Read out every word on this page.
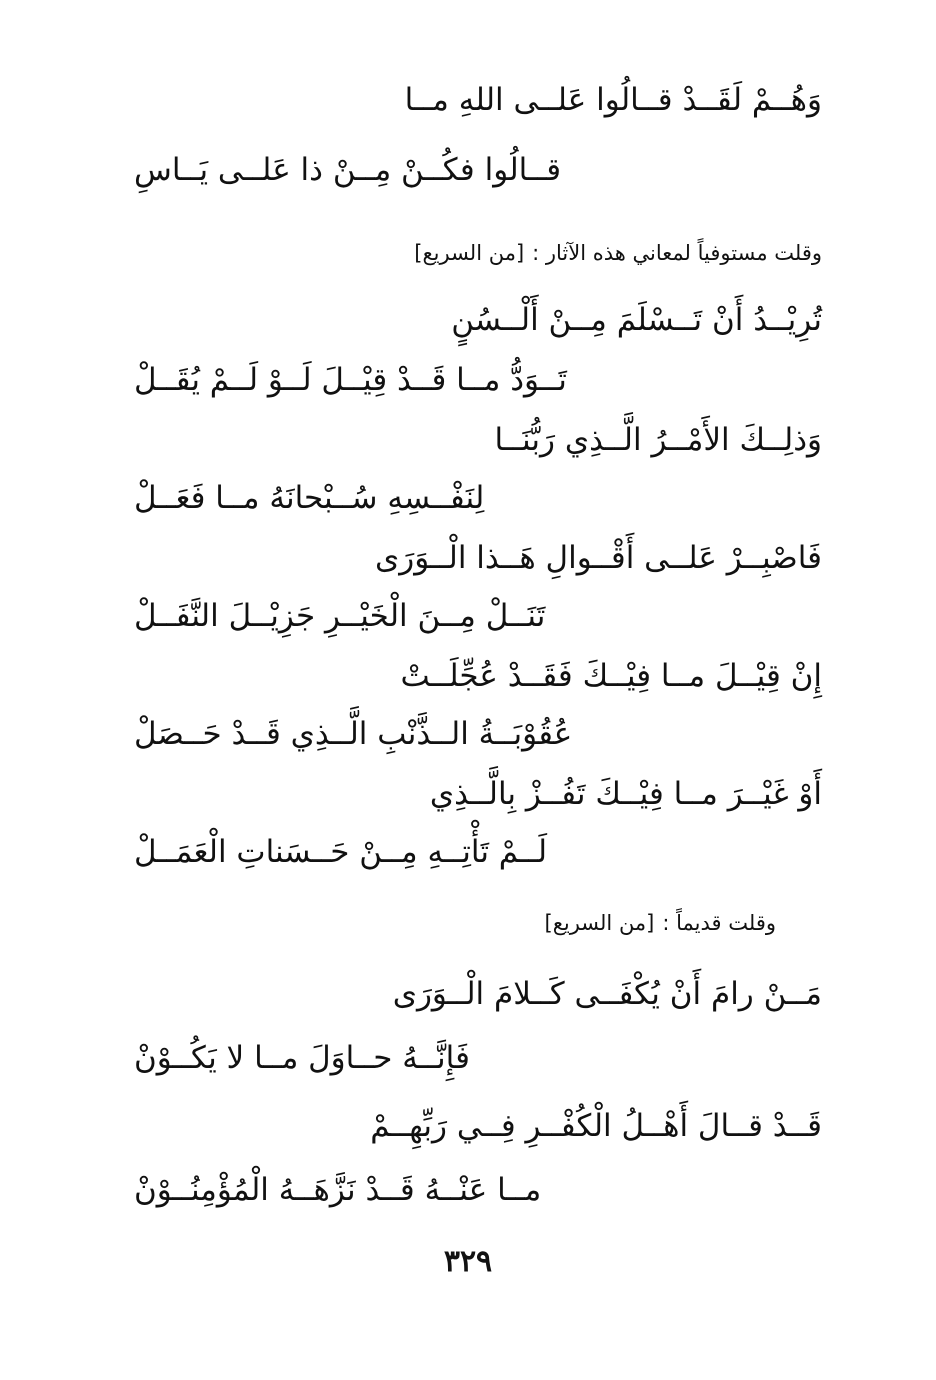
وَهُــمْ لَقَــدْ قــالُوا عَلــى اللهِ مــا
قــالُوا فكُــنْ مِــنْ ذا عَلــى يَــاسِ
وقلت مستوفياً لمعاني هذه الآثار :[من السريع]
تُرِيْــدُ أَنْ تَــسْلَمَ مِــنْ أَلْــسُنٍ
تَــوَدُّ مــا قَــدْ قِيْــلَ لَــوْ لَــمْ يُقَــلْ
وَذلِــكَ الأَمْــرُ الَّــذِي رَبُّنَــا
لِنَفْــسِهِ سُــبْحانَهُ مــا فَعَــلْ
فَاصْبِــرْ عَلــى أَقْــوالِ هَــذا الْــوَرَى
تَنَــلْ مِــنَ الْخَيْــرِ جَزِيْــلَ النَّفَــلْ
إِنْ قِيْــلَ مــا فِيْــكَ فَقَــدْ عُجِّلَــتْ
عُقُوْبَــةُ الــذَّنْبِ الَّــذِي قَــدْ حَــصَلْ
أَوْ غَيْــرَ مــا فِيْــكَ تَفُــزْ بِالَّــذِي
لَــمْ تَأْتِــهِ مِــنْ حَــسَناتِ الْعَمَــلْ
وقلت قديماً :[من السريع]
مَــنْ رامَ أَنْ يُكْفَــى كَــلامَ الْــوَرَى
فَإِنَّــهُ حــاوَلَ مــا لا يَكُــوْنْ
قَــدْ قــالَ أَهْــلُ الْكُفْــرِ فِــي رَبِّهِــمْ
مــا عَنْــهُ قَــدْ نَزَّهَــهُ الْمُؤْمِنُــوْنْ
٣٢٩
